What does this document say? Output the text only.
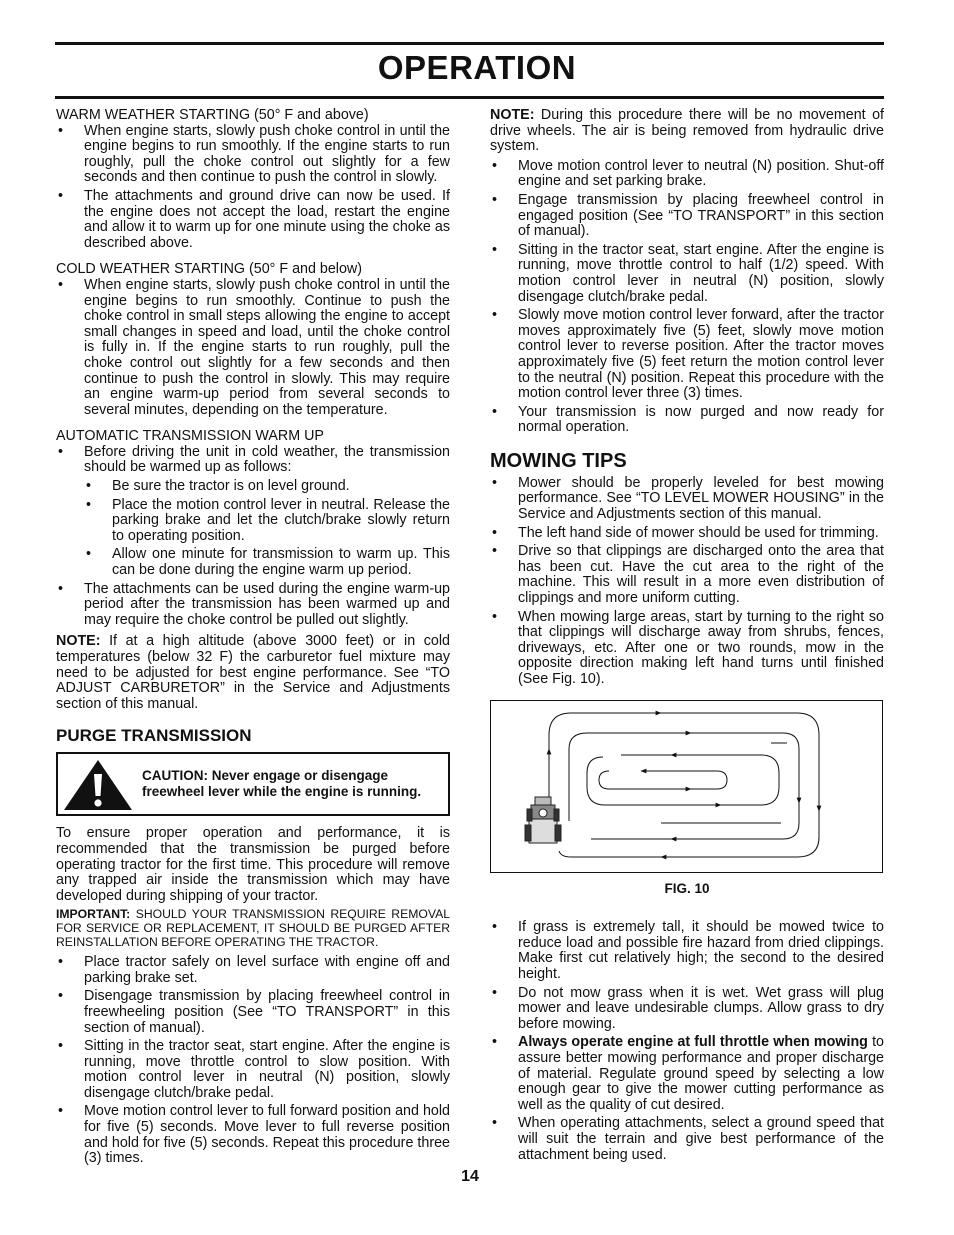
OPERATION

WARM WEATHER STARTING (50° F and above)

• When engine starts, slowly push choke control in until the engine begins to run smoothly. If the engine starts to run roughly, pull the choke control out slightly for a few seconds and then continue to push the control in slowly.
• The attachments and ground drive can now be used. If the engine does not accept the load, restart the engine and allow it to warm up for one minute using the choke as described above.

COLD WEATHER STARTING (50° F and below)

• When engine starts, slowly push choke control in until the engine begins to run smoothly. Continue to push the choke control in small steps allowing the engine to accept small changes in speed and load, until the choke control is fully in. If the engine starts to run roughly, pull the choke control out slightly for a few seconds and then continue to push the control in slowly. This may require an engine warm-up period from several seconds to several minutes, depending on the temperature.

AUTOMATIC TRANSMISSION WARM UP

• Before driving the unit in cold weather, the transmission should be warmed up as follows:
• Be sure the tractor is on level ground.
• Place the motion control lever in neutral. Release the parking brake and let the clutch/brake slowly return to operating position.
• Allow one minute for transmission to warm up. This can be done during the engine warm up period.
• The attachments can be used during the engine warm-up period after the transmission has been warmed up and may require the choke control be pulled out slightly.

NOTE: If at a high altitude (above 3000 feet) or in cold temperatures (below 32 F) the carburetor fuel mixture may need to be adjusted for best engine performance. See “TO ADJUST CARBURETOR” in the Service and Adjustments section of this manual.

PURGE TRANSMISSION
CAUTION: Never engage or disengage freewheel lever while the engine is running.

To ensure proper operation and performance, it is recommended that the transmission be purged before operating tractor for the first time. This procedure will remove any trapped air inside the transmission which may have developed during shipping of your tractor.

IMPORTANT: SHOULD YOUR TRANSMISSION REQUIRE REMOVAL FOR SERVICE OR REPLACEMENT, IT SHOULD BE PURGED AFTER REINSTALLATION BEFORE OPERATING THE TRACTOR.

• Place tractor safely on level surface with engine off and parking brake set.
• Disengage transmission by placing freewheel control in freewheeling position (See “TO TRANSPORT” in this section of manual).
• Sitting in the tractor seat, start engine. After the engine is running, move throttle control to slow position. With motion control lever in neutral (N) position, slowly disengage clutch/brake pedal.
• Move motion control lever to full forward position and hold for five (5) seconds. Move lever to full reverse position and hold for five (5) seconds. Repeat this procedure three (3) times.

NOTE: During this procedure there will be no movement of drive wheels. The air is being removed from hydraulic drive system.

• Move motion control lever to neutral (N) position. Shut-off engine and set parking brake.
• Engage transmission by placing freewheel control in engaged position (See “TO TRANSPORT” in this section of manual).
• Sitting in the tractor seat, start engine. After the engine is running, move throttle control to half (1/2) speed. With motion control lever in neutral (N) position, slowly disengage clutch/brake pedal.
• Slowly move motion control lever forward, after the tractor moves approximately five (5) feet, slowly move motion control lever to reverse position. After the tractor moves approximately five (5) feet return the motion control lever to the neutral (N) position. Repeat this procedure with the motion control lever three (3) times.
• Your transmission is now purged and now ready for normal operation.
MOWING TIPS
• Mower should be properly leveled for best mowing performance. See “TO LEVEL MOWER HOUSING” in the Service and Adjustments section of this manual.
• The left hand side of mower should be used for trimming.
• Drive so that clippings are discharged onto the area that has been cut. Have the cut area to the right of the machine. This will result in a more even distribution of clippings and more uniform cutting.
• When mowing large areas, start by turning to the right so that clippings will discharge away from shrubs, fences, driveways, etc. After one or two rounds, mow in the opposite direction making left hand turns until finished (See Fig. 10).
FIG. 10
• If grass is extremely tall, it should be mowed twice to reduce load and possible fire hazard from dried clippings. Make first cut relatively high; the second to the desired height.
• Do not mow grass when it is wet. Wet grass will plug mower and leave undesirable clumps. Allow grass to dry before mowing.
• Always operate engine at full throttle when mowing to assure better mowing performance and proper discharge of material. Regulate ground speed by selecting a low enough gear to give the mower cutting performance as well as the quality of cut desired.
• When operating attachments, select a ground speed that will suit the terrain and give best performance of the attachment being used.
14
